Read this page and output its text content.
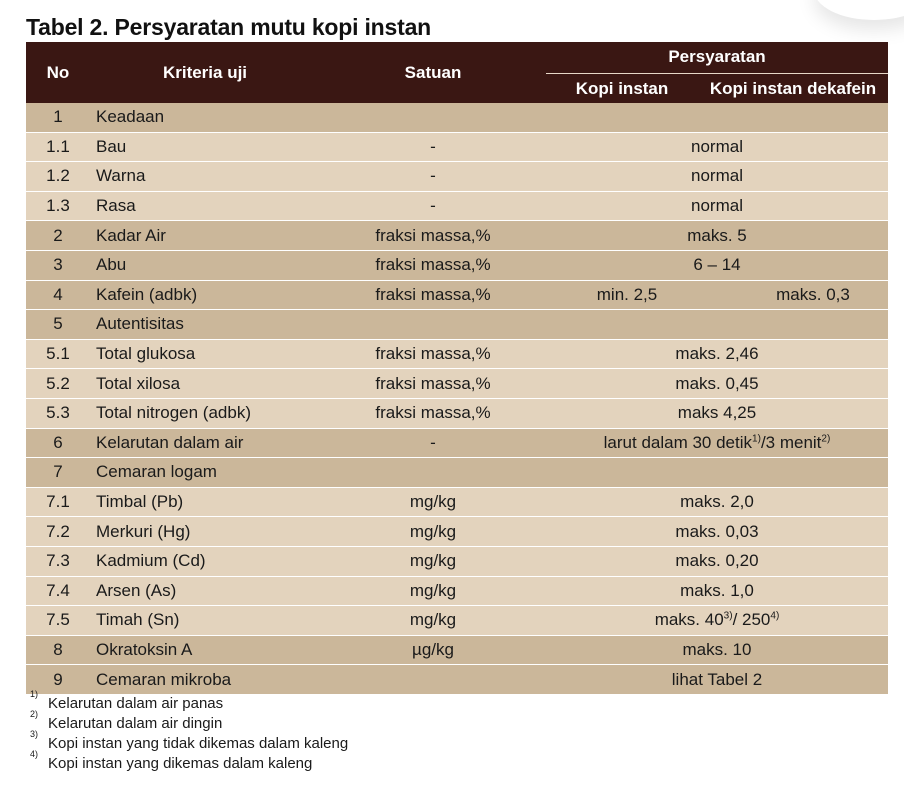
Tabel 2. Persyaratan mutu kopi instan
No	Kriteria uji	Satuan	Persyaratan	
			Kopi instan	Kopi instan dekafein
1	Keadaan			
1.1	Bau	-	normal	
1.2	Warna	-	normal	
1.3	Rasa	-	normal	
2	Kadar Air	fraksi massa,%	maks. 5	
3	Abu	fraksi massa,%	6 – 14	
4	Kafein (adbk)	fraksi massa,%	min. 2,5	maks. 0,3
5	Autentisitas			
5.1	Total glukosa	fraksi massa,%	maks. 2,46	
5.2	Total xilosa	fraksi massa,%	maks. 0,45	
5.3	Total nitrogen (adbk)	fraksi massa,%	maks 4,25	
6	Kelarutan dalam air	-	larut dalam 30 detik$^{1)}$/3 menit$^{2)}$
7	Cemaran logam			
7.1	Timbal (Pb)	mg/kg	maks. 2,0	
7.2	Merkuri (Hg)	mg/kg	maks. 0,03	
7.3	Kadmium (Cd)	mg/kg	maks. 0,20	
7.4	Arsen (As)	mg/kg	maks. 1,0	
7.5	Timah (Sn)	mg/kg	maks. 40$^{3)}$/ 250$^{4)}$
8	Okratoksin A	µg/kg	maks. 10	
9	Cemaran mikroba		lihat Tabel 2	
$^{1)}$Kelarutan dalam air panas
$^{2)}$Kelarutan dalam air dingin
$^{3)}$Kopi instan yang tidak dikemas dalam kaleng
$^{4)}$Kopi instan yang dikemas dalam kaleng
